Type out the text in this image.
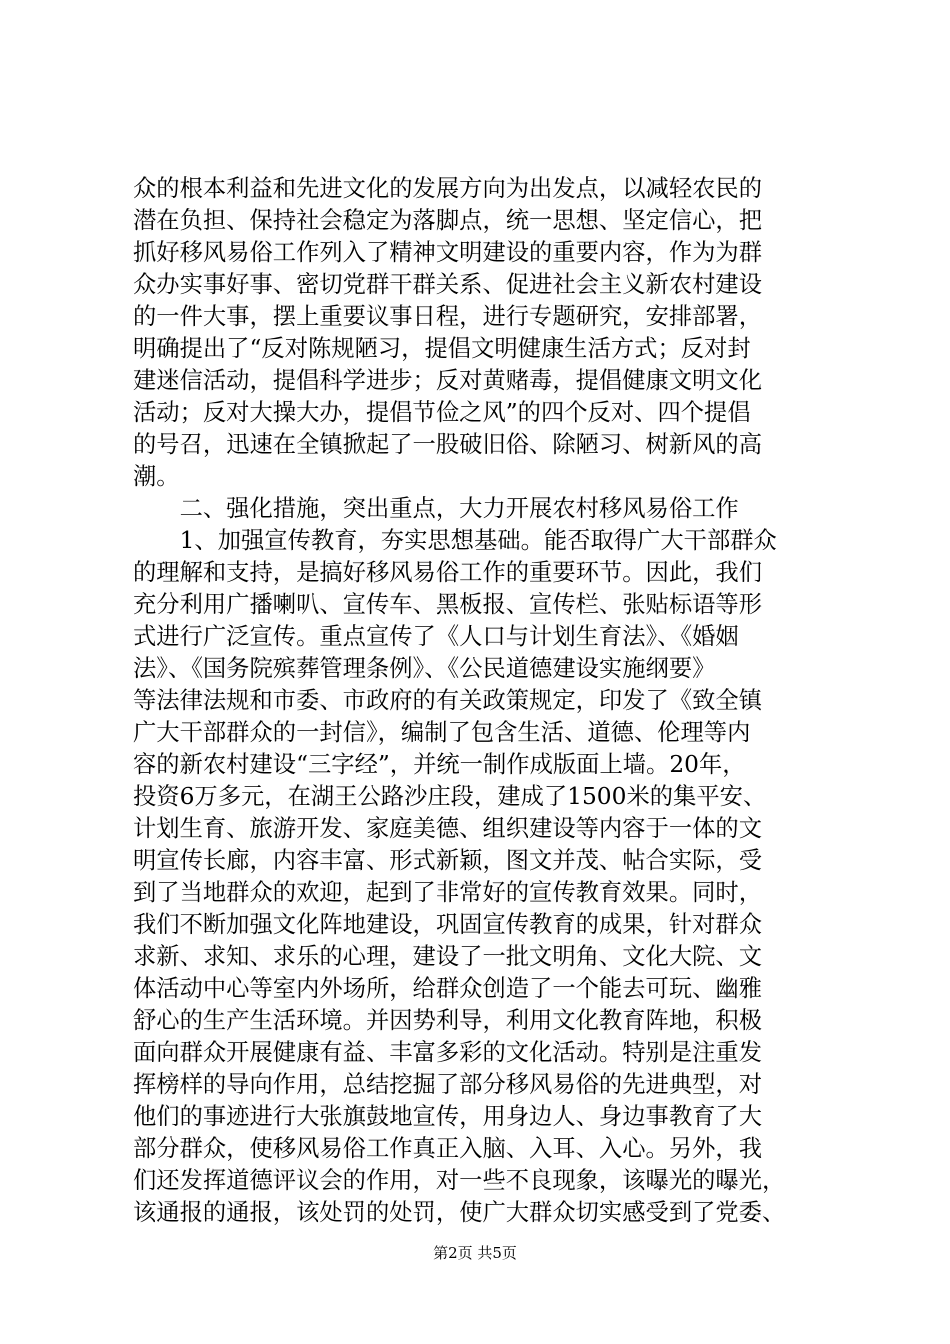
众的根本利益和先进文化的发展方向为出发点，以减轻农民的
潜在负担、保持社会稳定为落脚点，统一思想、坚定信心，把
抓好移风易俗工作列入了精神文明建设的重要内容，作为为群
众办实事好事、密切党群干群关系、促进社会主义新农村建设
的一件大事，摆上重要议事日程，进行专题研究，安排部署，
明确提出了“反对陈规陋习，提倡文明健康生活方式；反对封
建迷信活动，提倡科学进步；反对黄赌毒，提倡健康文明文化
活动；反对大操大办，提倡节俭之风”的四个反对、四个提倡
的号召，迅速在全镇掀起了一股破旧俗、除陋习、树新风的高
潮。
　　二、强化措施，突出重点，大力开展农村移风易俗工作
　　1、加强宣传教育，夯实思想基础。能否取得广大干部群众
的理解和支持，是搞好移风易俗工作的重要环节。因此，我们
充分利用广播喇叭、宣传车、黑板报、宣传栏、张贴标语等形
式进行广泛宣传。重点宣传了《人口与计划生育法》、《婚姻
法》、《国务院殡葬管理条例》、《公民道德建设实施纲要》
等法律法规和市委、市政府的有关政策规定，印发了《致全镇
广大干部群众的一封信》，编制了包含生活、道德、伦理等内
容的新农村建设“三字经”，并统一制作成版面上墙。20年，
投资6万多元，在湖王公路沙庄段，建成了1500米的集平安、
计划生育、旅游开发、家庭美德、组织建设等内容于一体的文
明宣传长廊，内容丰富、形式新颖，图文并茂、帖合实际，受
到了当地群众的欢迎，起到了非常好的宣传教育效果。同时，
我们不断加强文化阵地建设，巩固宣传教育的成果，针对群众
求新、求知、求乐的心理，建设了一批文明角、文化大院、文
体活动中心等室内外场所，给群众创造了一个能去可玩、幽雅
舒心的生产生活环境。并因势利导，利用文化教育阵地，积极
面向群众开展健康有益、丰富多彩的文化活动。特别是注重发
挥榜样的导向作用，总结挖掘了部分移风易俗的先进典型，对
他们的事迹进行大张旗鼓地宣传，用身边人、身边事教育了大
部分群众，使移风易俗工作真正入脑、入耳、入心。另外，我
们还发挥道德评议会的作用，对一些不良现象，该曝光的曝光，
该通报的通报，该处罚的处罚，使广大群众切实感受到了党委、
第2页 共5页
